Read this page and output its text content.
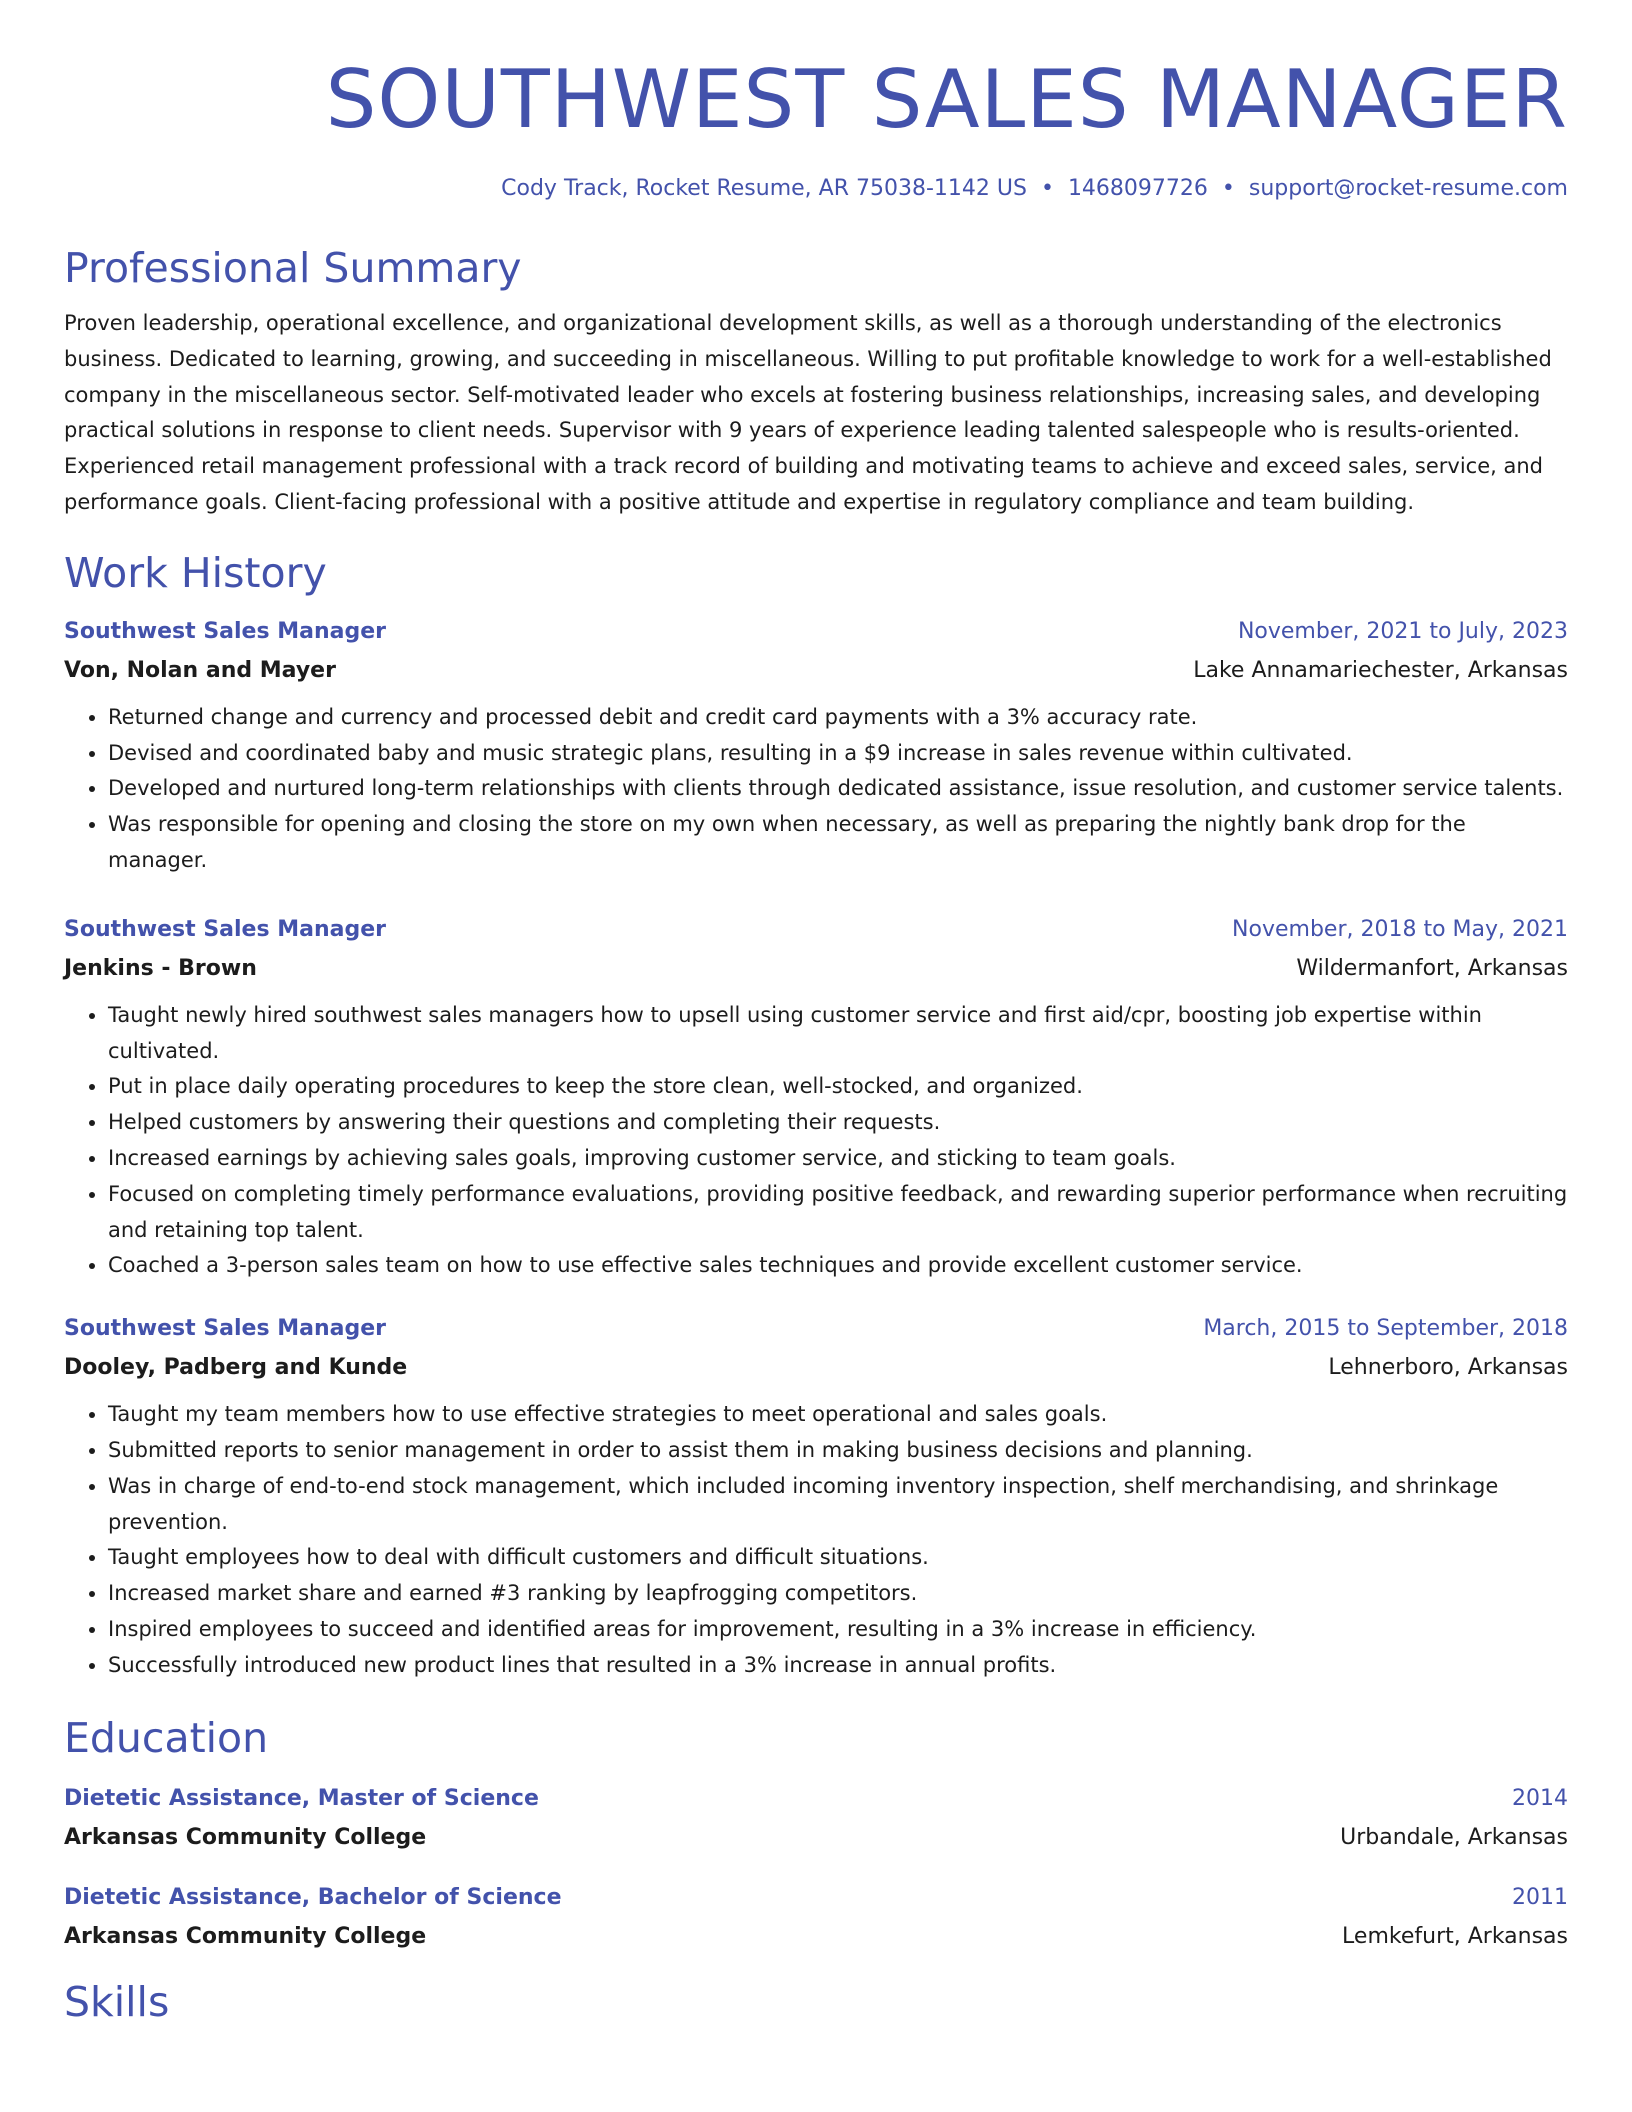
SOUTHWEST SALES MANAGER
Cody Track, Rocket Resume, AR 75038-1142 US • 1468097726 • support@rocket-resume.com
Professional Summary
Proven leadership, operational excellence, and organizational development skills, as well as a thorough understanding of the electronics business. Dedicated to learning, growing, and succeeding in miscellaneous. Willing to put profitable knowledge to work for a well-established company in the miscellaneous sector. Self-motivated leader who excels at fostering business relationships, increasing sales, and developing practical solutions in response to client needs. Supervisor with 9 years of experience leading talented salespeople who is results-oriented. Experienced retail management professional with a track record of building and motivating teams to achieve and exceed sales, service, and performance goals. Client-facing professional with a positive attitude and expertise in regulatory compliance and team building.
Work History
Southwest Sales Manager	November, 2021 to July, 2023
Von, Nolan and Mayer	Lake Annamariechester, Arkansas
• Returned change and currency and processed debit and credit card payments with a 3% accuracy rate.
• Devised and coordinated baby and music strategic plans, resulting in a $9 increase in sales revenue within cultivated.
• Developed and nurtured long-term relationships with clients through dedicated assistance, issue resolution, and customer service talents.
• Was responsible for opening and closing the store on my own when necessary, as well as preparing the nightly bank drop for the manager.
Southwest Sales Manager	November, 2018 to May, 2021
Jenkins - Brown	Wildermanfort, Arkansas
• Taught newly hired southwest sales managers how to upsell using customer service and first aid/cpr, boosting job expertise within cultivated.
• Put in place daily operating procedures to keep the store clean, well-stocked, and organized.
• Helped customers by answering their questions and completing their requests.
• Increased earnings by achieving sales goals, improving customer service, and sticking to team goals.
• Focused on completing timely performance evaluations, providing positive feedback, and rewarding superior performance when recruiting and retaining top talent.
• Coached a 3-person sales team on how to use effective sales techniques and provide excellent customer service.
Southwest Sales Manager	March, 2015 to September, 2018
Dooley, Padberg and Kunde	Lehnerboro, Arkansas
• Taught my team members how to use effective strategies to meet operational and sales goals.
• Submitted reports to senior management in order to assist them in making business decisions and planning.
• Was in charge of end-to-end stock management, which included incoming inventory inspection, shelf merchandising, and shrinkage prevention.
• Taught employees how to deal with difficult customers and difficult situations.
• Increased market share and earned #3 ranking by leapfrogging competitors.
• Inspired employees to succeed and identified areas for improvement, resulting in a 3% increase in efficiency.
• Successfully introduced new product lines that resulted in a 3% increase in annual profits.
Education
Dietetic Assistance, Master of Science	2014
Arkansas Community College	Urbandale, Arkansas
Dietetic Assistance, Bachelor of Science	2011
Arkansas Community College	Lemkefurt, Arkansas
Skills
